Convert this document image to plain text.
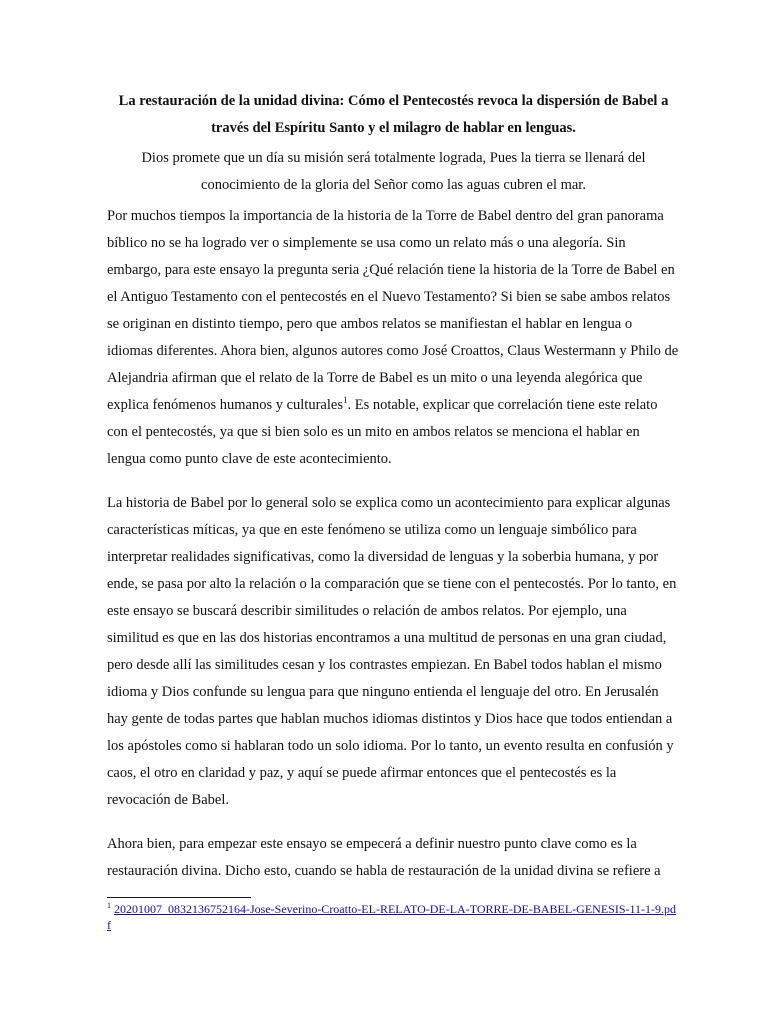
La restauración de la unidad divina: Cómo el Pentecostés revoca la dispersión de Babel a través del Espíritu Santo y el milagro de hablar en lenguas.

Dios promete que un día su misión será totalmente lograda, Pues la tierra se llenará del conocimiento de la gloria del Señor como las aguas cubren el mar.

Por muchos tiempos la importancia de la historia de la Torre de Babel dentro del gran panorama bíblico no se ha logrado ver o simplemente se usa como un relato más o una alegoría. Sin embargo, para este ensayo la pregunta seria ¿Qué relación tiene la historia de la Torre de Babel en el Antiguo Testamento con el pentecostés en el Nuevo Testamento? Si bien se sabe ambos relatos se originan en distinto tiempo, pero que ambos relatos se manifiestan el hablar en lengua o idiomas diferentes. Ahora bien, algunos autores como José Croattos, Claus Westermann y Philo de Alejandria afirman que el relato de la Torre de Babel es un mito o una leyenda alegórica que explica fenómenos humanos y culturales$^1$. Es notable, explicar que correlación tiene este relato con el pentecostés, ya que si bien solo es un mito en ambos relatos se menciona el hablar en lengua como punto clave de este acontecimiento.

La historia de Babel por lo general solo se explica como un acontecimiento para explicar algunas características míticas, ya que en este fenómeno se utiliza como un lenguaje simbólico para interpretar realidades significativas, como la diversidad de lenguas y la soberbia humana, y por ende, se pasa por alto la relación o la comparación que se tiene con el pentecostés. Por lo tanto, en este ensayo se buscará describir similitudes o relación de ambos relatos. Por ejemplo, una similitud es que en las dos historias encontramos a una multitud de personas en una gran ciudad, pero desde allí las similitudes cesan y los contrastes empiezan. En Babel todos hablan el mismo idioma y Dios confunde su lengua para que ninguno entienda el lenguaje del otro. En Jerusalén hay gente de todas partes que hablan muchos idiomas distintos y Dios hace que todos entiendan a los apóstoles como si hablaran todo un solo idioma. Por lo tanto, un evento resulta en confusión y caos, el otro en claridad y paz, y aquí se puede afirmar entonces que el pentecostés es la revocación de Babel.

Ahora bien, para empezar este ensayo se empecerá a definir nuestro punto clave como es la restauración divina. Dicho esto, cuando se habla de restauración de la unidad divina se refiere a

$^1$ 20201007_0832136752164-Jose-Severino-Croatto-EL-RELATO-DE-LA-TORRE-DE-BABEL-GENESIS-11-1-9.pdf
